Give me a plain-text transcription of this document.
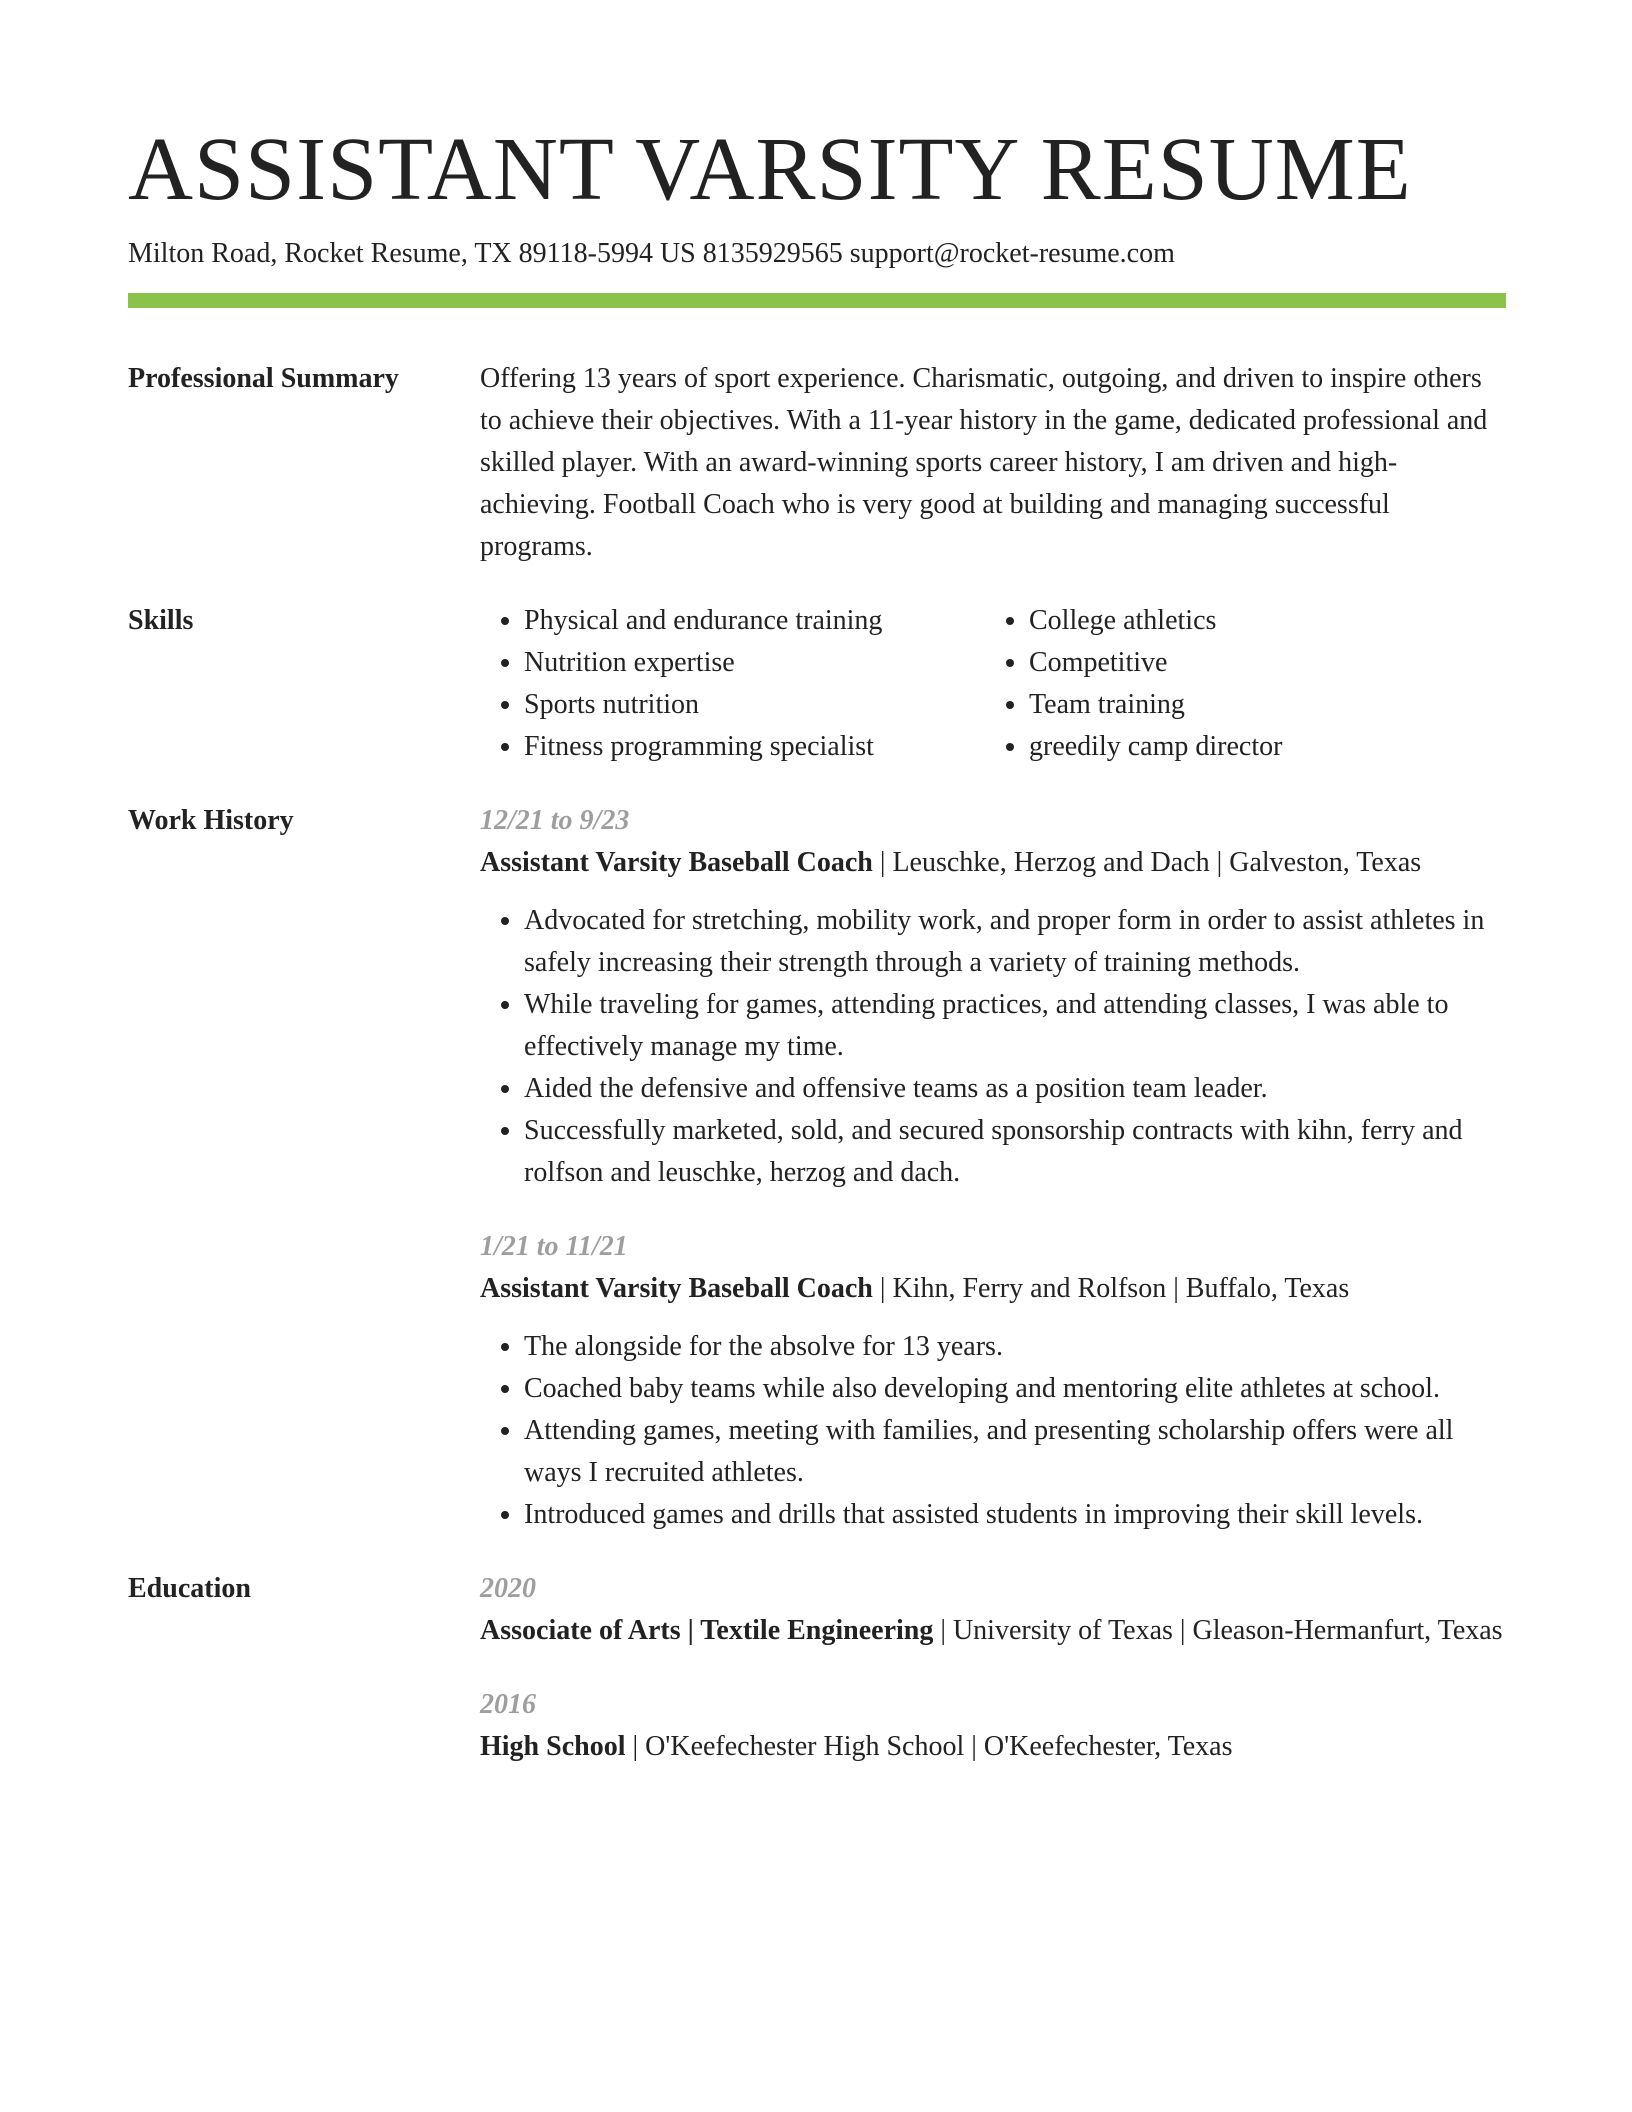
ASSISTANT VARSITY RESUME
Milton Road, Rocket Resume, TX 89118-5994 US 8135929565 support@rocket-resume.com
Professional Summary	Offering 13 years of sport experience. Charismatic, outgoing, and driven to inspire others to achieve their objectives. With a 11-year history in the game, dedicated professional and skilled player. With an award-winning sports career history, I am driven and high-achieving. Football Coach who is very good at building and managing successful programs.
Skills
•	Physical and endurance training
• Nutrition expertise
• Sports nutrition
• Fitness programming specialist
• College athletics
• Competitive
• Team training
• greedily camp director
Work History	12/21 to 9/23
Assistant Varsity Baseball Coach | Leuschke, Herzog and Dach | Galveston, Texas
• Advocated for stretching, mobility work, and proper form in order to assist athletes in safely increasing their strength through a variety of training methods.
• While traveling for games, attending practices, and attending classes, I was able to effectively manage my time.
• Aided the defensive and offensive teams as a position team leader.
• Successfully marketed, sold, and secured sponsorship contracts with kihn, ferry and rolfson and leuschke, herzog and dach.
1/21 to 11/21
Assistant Varsity Baseball Coach | Kihn, Ferry and Rolfson | Buffalo, Texas
• The alongside for the absolve for 13 years.
• Coached baby teams while also developing and mentoring elite athletes at school.
• Attending games, meeting with families, and presenting scholarship offers were all ways I recruited athletes.
• Introduced games and drills that assisted students in improving their skill levels.
Education	2020
Associate of Arts | Textile Engineering | University of Texas | Gleason-Hermanfurt, Texas
2016
High School | O'Keefechester High School | O'Keefechester, Texas
